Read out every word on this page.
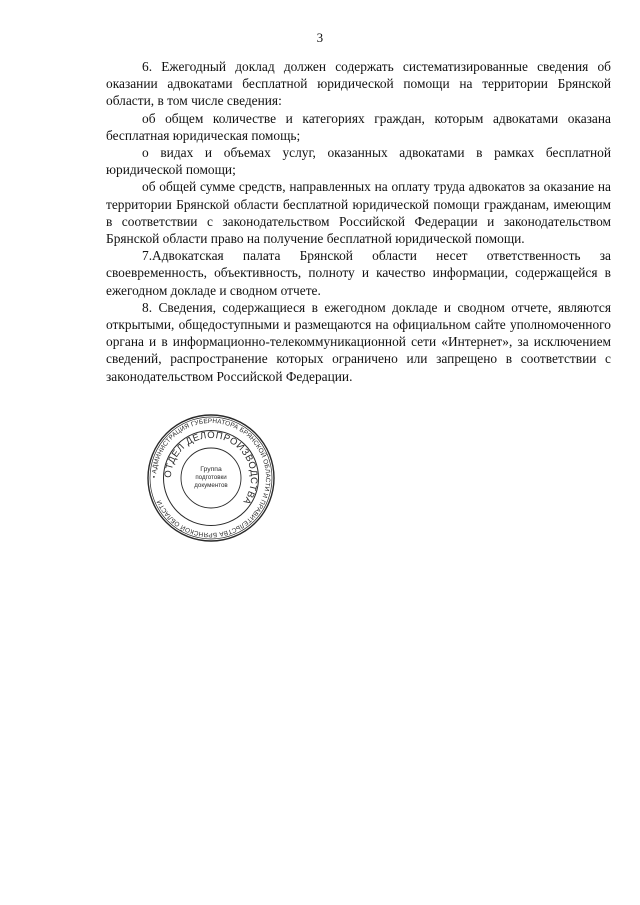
3

6. Ежегодный доклад должен содержать систематизированные сведения об оказании адвокатами бесплатной юридической помощи на территории Брянской области, в том числе сведения:

об общем количестве и категориях граждан, которым адвокатами оказана бесплатная юридическая помощь;

о видах и объемах услуг, оказанных адвокатами в рамках бесплатной юридической помощи;

об общей сумме средств, направленных на оплату труда адвокатов за оказание на территории Брянской области бесплатной юридической помощи гражданам, имеющим в соответствии с законодательством Российской Федерации и законодательством Брянской области право на получение бесплатной юридической помощи.

7.Адвокатская палата Брянской области несет ответственность за своевременность, объективность, полноту и качество информации, содержащейся в ежегодном докладе и сводном отчете.

8. Сведения, содержащиеся в ежегодном докладе и сводном отчете, являются открытыми, общедоступными и размещаются на официальном сайте уполномоченного органа и в информационно-телекоммуникационной сети «Интернет», за исключением сведений, распространение которых ограничено или запрещено в соответствии с законодательством Российской Федерации.

• АДМИНИСТРАЦИЯ ГУБЕРНАТОРА БРЯНСКОЙ ОБЛАСТИ И ПРАВИТЕЛЬСТВА БРЯНСКОЙ ОБЛАСТИ
ОТДЕЛ ДЕЛОПРОИЗВОДСТВА
Группа
подготовки
документов
